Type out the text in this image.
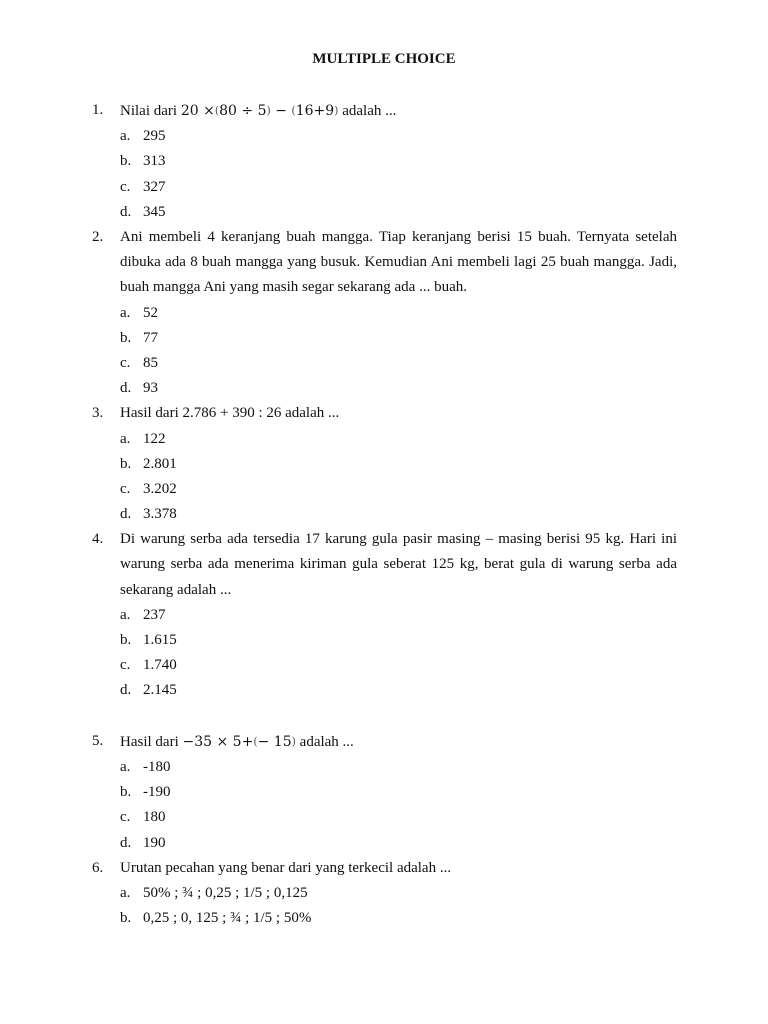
MULTIPLE CHOICE
1. Nilai dari 20 ×(80 ÷ 5) − (16+9) adalah ...
a. 295
b. 313
c. 327
d. 345
2. Ani membeli 4 keranjang buah mangga. Tiap keranjang berisi 15 buah. Ternyata setelah dibuka ada 8 buah mangga yang busuk. Kemudian Ani membeli lagi 25 buah mangga. Jadi, buah mangga Ani yang masih segar sekarang ada ... buah.
a. 52
b. 77
c. 85
d. 93
3. Hasil dari 2.786 + 390 : 26 adalah ...
a. 122
b. 2.801
c. 3.202
d. 3.378
4. Di warung serba ada tersedia 17 karung gula pasir masing – masing berisi 95 kg. Hari ini warung serba ada menerima kiriman gula seberat 125 kg, berat gula di warung serba ada sekarang adalah ...
a. 237
b. 1.615
c. 1.740
d. 2.145
5. Hasil dari −35 × 5+(− 15) adalah ...
a. -180
b. -190
c. 180
d. 190
6. Urutan pecahan yang benar dari yang terkecil adalah ...
a. 50% ; ¾ ; 0,25 ; 1/5 ; 0,125
b. 0,25 ; 0, 125 ; ¾ ; 1/5 ; 50%
